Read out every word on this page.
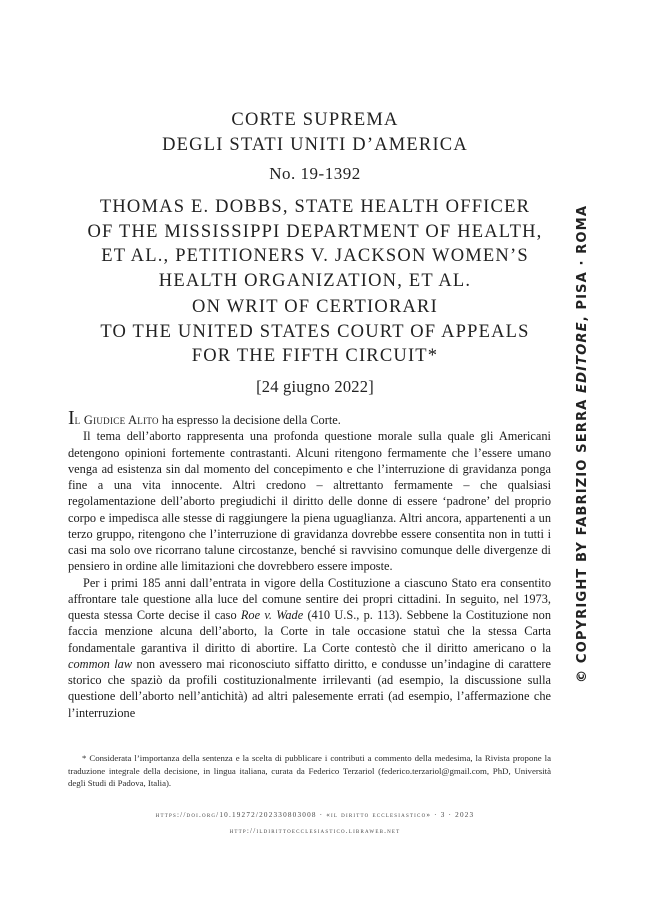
CORTE SUPREMA
DEGLI STATI UNITI D’AMERICA
No. 19-1392
THOMAS E. DOBBS, STATE HEALTH OFFICER
OF THE MISSISSIPPI DEPARTMENT OF HEALTH,
ET AL., PETITIONERS V. JACKSON WOMEN’S
HEALTH ORGANIZATION, ET AL.
ON WRIT OF CERTIORARI
TO THE UNITED STATES COURT OF APPEALS
FOR THE FIFTH CIRCUIT*
[24 giugno 2022]

Il Giudice Alito ha espresso la decisione della Corte.

Il tema dell’aborto rappresenta una profonda questione morale sulla quale gli Americani detengono opinioni fortemente contrastanti. Alcuni ritengono fermamente che l’essere umano venga ad esistenza sin dal momento del concepimento e che l’interruzione di gravidanza ponga fine a una vita innocente. Altri credono – altrettanto fermamente – che qualsiasi regolamentazione dell’aborto pregiudichi il diritto delle donne di essere ‘padrone’ del proprio corpo e impedisca alle stesse di raggiungere la piena uguaglianza. Altri ancora, appartenenti a un terzo gruppo, ritengono che l’interruzione di gravidanza dovrebbe essere consentita non in tutti i casi ma solo ove ricorrano talune circostanze, benché si ravvisino comunque delle divergenze di pensiero in ordine alle limitazioni che dovrebbero essere imposte.

Per i primi 185 anni dall’entrata in vigore della Costituzione a ciascuno Stato era consentito affrontare tale questione alla luce del comune sentire dei propri cittadini. In seguito, nel 1973, questa stessa Corte decise il caso Roe v. Wade (410 U.S., p. 113). Sebbene la Costituzione non faccia menzione alcuna dell’aborto, la Corte in tale occasione statuì che la stessa Carta fondamentale garantiva il diritto di abortire. La Corte contestò che il diritto americano o la common law non avessero mai riconosciuto siffatto diritto, e condusse un’indagine di carattere storico che spaziò da profili costituzionalmente irrilevanti (ad esempio, la discussione sulla questione dell’aborto nell’antichità) ad altri palesemente errati (ad esempio, l’affermazione che l’interruzione

* Considerata l’importanza della sentenza e la scelta di pubblicare i contributi a commento della medesima, la Rivista propone la traduzione integrale della decisione, in lingua italiana, curata da Federico Terzariol (federico.terzariol@gmail.com, PhD, Università degli Studi di Padova, Italia).

https://doi.org/10.19272/202330803008 · «il diritto ecclesiastico» · 3 · 2023
http://ildirittoecclesiastico.libraweb.net
© COPYRIGHT BY FABRIZIO SERRA EDITORE, PISA · ROMA
